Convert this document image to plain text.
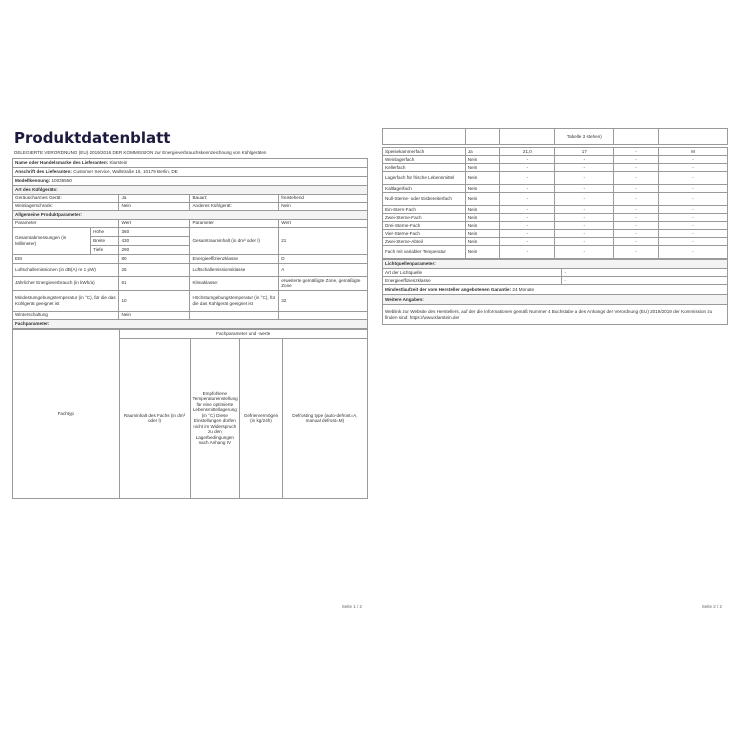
Produktdatenblatt
DELEGIERTE VERORDNUNG (EU) 2019/2016 DER KOMMISSION zur Energieverbrauchskennzeichnung von Kühlgeräten
Name oder Handelsmarke des Lieferanten: Klarstein				
Anschrift des Lieferanten: Customer Service, Wallstraße 16, 10179 Berlin, DE				
Modellkennung: 10035550				
Art des Kühlgeräts:				
Geräuscharmes Gerät:		Ja	Bauart:	freistehend
Weinlagerschrank:		Nein	Anderes Kühlgerät:	Nein
Allgemeine Produktparameter:				
Parameter		Wert	Parameter	Wert
Gesamtabmessungen (in Millimeter)	Höhe	360	Gesamtrauminhalt (in dm³ oder l)	21
	Breite	430		
	Tiefe	290		
EEI		80	Energieeffizienzklasse	D
Luftschallemissionen (in dB(A) re 1 pW)		26	Luftschallemissionsklasse	A
Jährlicher Energieverbrauch (in kWh/a)		61	Klimaklasse:	erweiterte gemäßigte Zone, gemäßigte Zone
Mindestumgebungstemperatur (in °C), für die das Kühlgerät geeignet ist		10	Höchstumgebungstemperatur (in °C), für die das Kühlgerät geeignet ist	32
Winterschaltung		Nein		
Fachparameter:				
Fachtyp	Fachparameter und -werte			
	Rauminhalt des Fachs (in dm³ oder l)	Empfohlene Temperatureinstellung für eine optimierte Lebensmittellagerung (in °C) Diese Einstellungen dürfen nicht im Widerspruch zu den Lagerbedingungen nach Anhang IV	Gefriervermögen (in kg/24h)	Defrosting type (auto-defrost=A, manual defrost=M)
Seite 1 / 2
			Tabelle 3 stehen)		
Speisekammerfach	Ja	21,0	17	-	M
Weinlagerfach	Nein	-	-	-	-
Kellerfach	Nein	-	-	-	-
Lagerfach für frische Lebensmittel	Nein	-	-	-	-
Kaltlagerfach	Nein	-	-	-	-
Null-Sterne- oder Eisbereiterfach	Nein	-	-	-	-
Ein-Stern-Fach	Nein	-	-	-	-
Zwei-Sterne-Fach	Nein	-	-	-	-
Drei-Sterne-Fach	Nein	-	-	-	-
Vier-Sterne-Fach	Nein	-	-	-	-
Zwei-Sterne-Abteil	Nein	-	-	-	-
Fach mit variabler Temperatur	Nein	-	-	-	-
Lichtquellenparameter:	
Art der Lichtquelle	-
Energieeffizienzklasse	-
Mindestlaufzeit der vom Hersteller angebotenen Garantie: 24 Monate	
Weitere Angaben:	
Weblink zur Website des Herstellers, auf der die Informationen gemäß Nummer 4 Buchstabe a des Anhangs der Verordnung (EU) 2019/2019 der Kommission zu finden sind: https://www.klarstein.de/	
Seite 2 / 2
